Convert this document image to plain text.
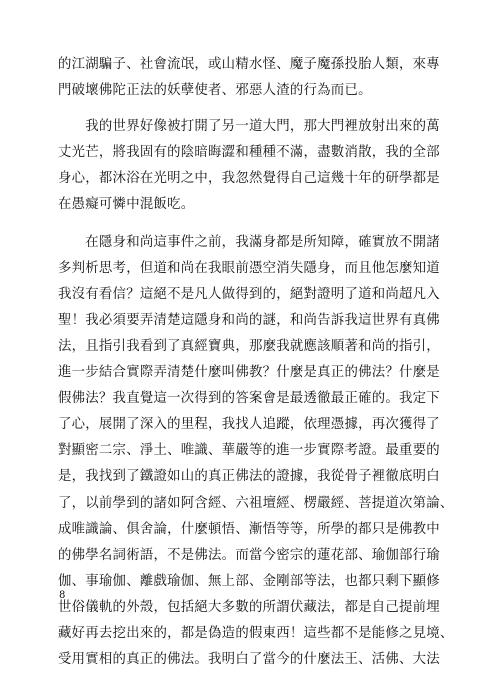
的江湖騙子、社會流氓，或山精水怪、魔子魔孫投胎人類，來專
門破壞佛陀正法的妖孽使者、邪惡人渣的行為而已。
　　我的世界好像被打開了另一道大門，那大門裡放射出來的萬
丈光芒，將我固有的陰暗晦澀和種種不滿，盡數消散，我的全部
身心，都沐浴在光明之中，我忽然覺得自己這幾十年的研學都是
在愚癡可憐中混飯吃。
　　在隱身和尚這事件之前，我滿身都是所知障，確實放不開諸
多判析思考，但道和尚在我眼前憑空消失隱身，而且他怎麼知道
我沒有看信？這絕不是凡人做得到的，絕對證明了道和尚超凡入
聖！我必須要弄清楚這隱身和尚的謎，和尚告訴我這世界有真佛
法，且指引我看到了真經寶典，那麼我就應該順著和尚的指引，
進一步結合實際弄清楚什麼叫佛教？什麼是真正的佛法？什麼是
假佛法？我直覺這一次得到的答案會是最透徹最正確的。我定下
了心，展開了深入的里程，我找人追蹤，依理憑據，再次獲得了
對顯密二宗、淨土、唯識、華嚴等的進一步實際考證。最重要的
是，我找到了鐵證如山的真正佛法的證據，我從骨子裡徹底明白
了，以前學到的諸如阿含經、六祖壇經、楞嚴經、菩提道次第論、
成唯識論、俱舍論，什麼頓悟、漸悟等等，所學的都只是佛教中
的佛學名詞術語，不是佛法。而當今密宗的蓮花部、瑜伽部行瑜
伽、事瑜伽、離戲瑜伽、無上部、金剛部等法，也都只剩下顯修
世俗儀軌的外殼，包括絕大多數的所謂伏藏法，都是自己提前埋
藏好再去挖出來的，都是偽造的假東西！這些都不是能修之見境、
受用實相的真正的佛法。我明白了當今的什麼法王、活佛、大法
8
